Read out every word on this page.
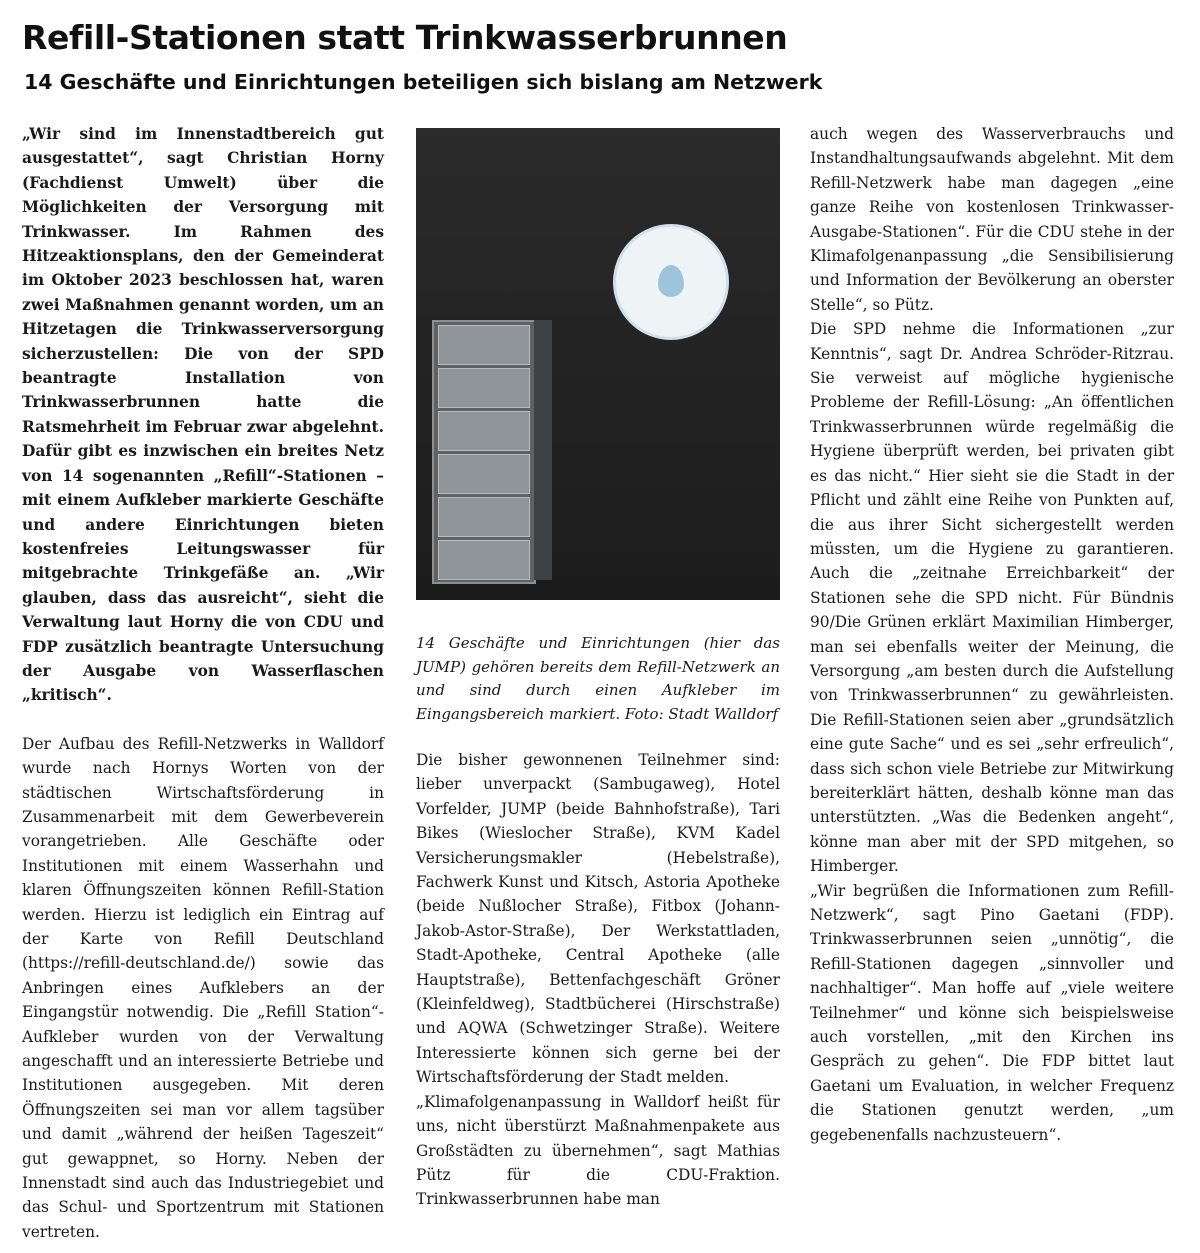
Refill-Stationen statt Trinkwasserbrunnen
14 Geschäfte und Einrichtungen beteiligen sich bislang am Netzwerk

„Wir sind im Innenstadtbereich gut ausgestattet“, sagt Christian Horny (Fachdienst Umwelt) über die Möglichkeiten der Versorgung mit Trinkwasser. Im Rahmen des Hitzeaktionsplans, den der Gemeinderat im Oktober 2023 beschlossen hat, waren zwei Maßnahmen genannt worden, um an Hitzetagen die Trinkwasserversorgung sicherzustellen: Die von der SPD beantragte Installation von Trinkwasserbrunnen hatte die Ratsmehrheit im Februar zwar abgelehnt. Dafür gibt es inzwischen ein breites Netz von 14 sogenannten „Refill“-Stationen – mit einem Aufkleber markierte Geschäfte und andere Einrichtungen bieten kostenfreies Leitungswasser für mitgebrachte Trinkgefäße an. „Wir glauben, dass das ausreicht“, sieht die Verwaltung laut Horny die von CDU und FDP zusätzlich beantragte Untersuchung der Ausgabe von Wasserflaschen „kritisch“.

Der Aufbau des Refill-Netzwerks in Walldorf wurde nach Hornys Worten von der städtischen Wirtschaftsförderung in Zusammenarbeit mit dem Gewerbeverein vorangetrieben. Alle Geschäfte oder Institutionen mit einem Wasserhahn und klaren Öffnungszeiten können Refill-Station werden. Hierzu ist lediglich ein Eintrag auf der Karte von Refill Deutschland (https://refill-deutschland.de/) sowie das Anbringen eines Aufklebers an der Eingangstür notwendig. Die „Refill Station“-Aufkleber wurden von der Verwaltung angeschafft und an interessierte Betriebe und Institutionen ausgegeben. Mit deren Öffnungszeiten sei man vor allem tagsüber und damit „während der heißen Tageszeit“ gut gewappnet, so Horny. Neben der Innenstadt sind auch das Industriegebiet und das Schul- und Sportzentrum mit Stationen vertreten.

14 Geschäfte und Einrichtungen (hier das JUMP) gehören bereits dem Refill-Netzwerk an und sind durch einen Aufkleber im Eingangsbereich markiert. Foto: Stadt Walldorf

Die bisher gewonnenen Teilnehmer sind: lieber unverpackt (Sambugaweg), Hotel Vorfelder, JUMP (beide Bahnhofstraße), Tari Bikes (Wieslocher Straße), KVM Kadel Versicherungsmakler (Hebelstraße), Fachwerk Kunst und Kitsch, Astoria Apotheke (beide Nußlocher Straße), Fitbox (Johann-Jakob-Astor-Straße), Der Werkstattladen, Stadt-Apotheke, Central Apotheke (alle Hauptstraße), Bettenfachgeschäft Gröner (Kleinfeldweg), Stadtbücherei (Hirschstraße) und AQWA (Schwetzinger Straße). Weitere Interessierte können sich gerne bei der Wirtschaftsförderung der Stadt melden.

„Klimafolgenanpassung in Walldorf heißt für uns, nicht überstürzt Maßnahmenpakete aus Großstädten zu übernehmen“, sagt Mathias Pütz für die CDU-Fraktion. Trinkwasserbrunnen habe man

auch wegen des Wasserverbrauchs und Instandhaltungsaufwands abgelehnt. Mit dem Refill-Netzwerk habe man dagegen „eine ganze Reihe von kostenlosen Trinkwasser-Ausgabe-Stationen“. Für die CDU stehe in der Klimafolgenanpassung „die Sensibilisierung und Information der Bevölkerung an oberster Stelle“, so Pütz.

Die SPD nehme die Informationen „zur Kenntnis“, sagt Dr. Andrea Schröder-Ritzrau. Sie verweist auf mögliche hygienische Probleme der Refill-Lösung: „An öffentlichen Trinkwasserbrunnen würde regelmäßig die Hygiene überprüft werden, bei privaten gibt es das nicht.“ Hier sieht sie die Stadt in der Pflicht und zählt eine Reihe von Punkten auf, die aus ihrer Sicht sichergestellt werden müssten, um die Hygiene zu garantieren. Auch die „zeitnahe Erreichbarkeit“ der Stationen sehe die SPD nicht. Für Bündnis 90/Die Grünen erklärt Maximilian Himberger, man sei ebenfalls weiter der Meinung, die Versorgung „am besten durch die Aufstellung von Trinkwasserbrunnen“ zu gewährleisten. Die Refill-Stationen seien aber „grundsätzlich eine gute Sache“ und es sei „sehr erfreulich“, dass sich schon viele Betriebe zur Mitwirkung bereiterklärt hätten, deshalb könne man das unterstützten. „Was die Bedenken angeht“, könne man aber mit der SPD mitgehen, so Himberger.

„Wir begrüßen die Informationen zum Refill-Netzwerk“, sagt Pino Gaetani (FDP). Trinkwasserbrunnen seien „unnötig“, die Refill-Stationen dagegen „sinnvoller und nachhaltiger“. Man hoffe auf „viele weitere Teilnehmer“ und könne sich beispielsweise auch vorstellen, „mit den Kirchen ins Gespräch zu gehen“. Die FDP bittet laut Gaetani um Evaluation, in welcher Frequenz die Stationen genutzt werden, „um gegebenenfalls nachzusteuern“.
